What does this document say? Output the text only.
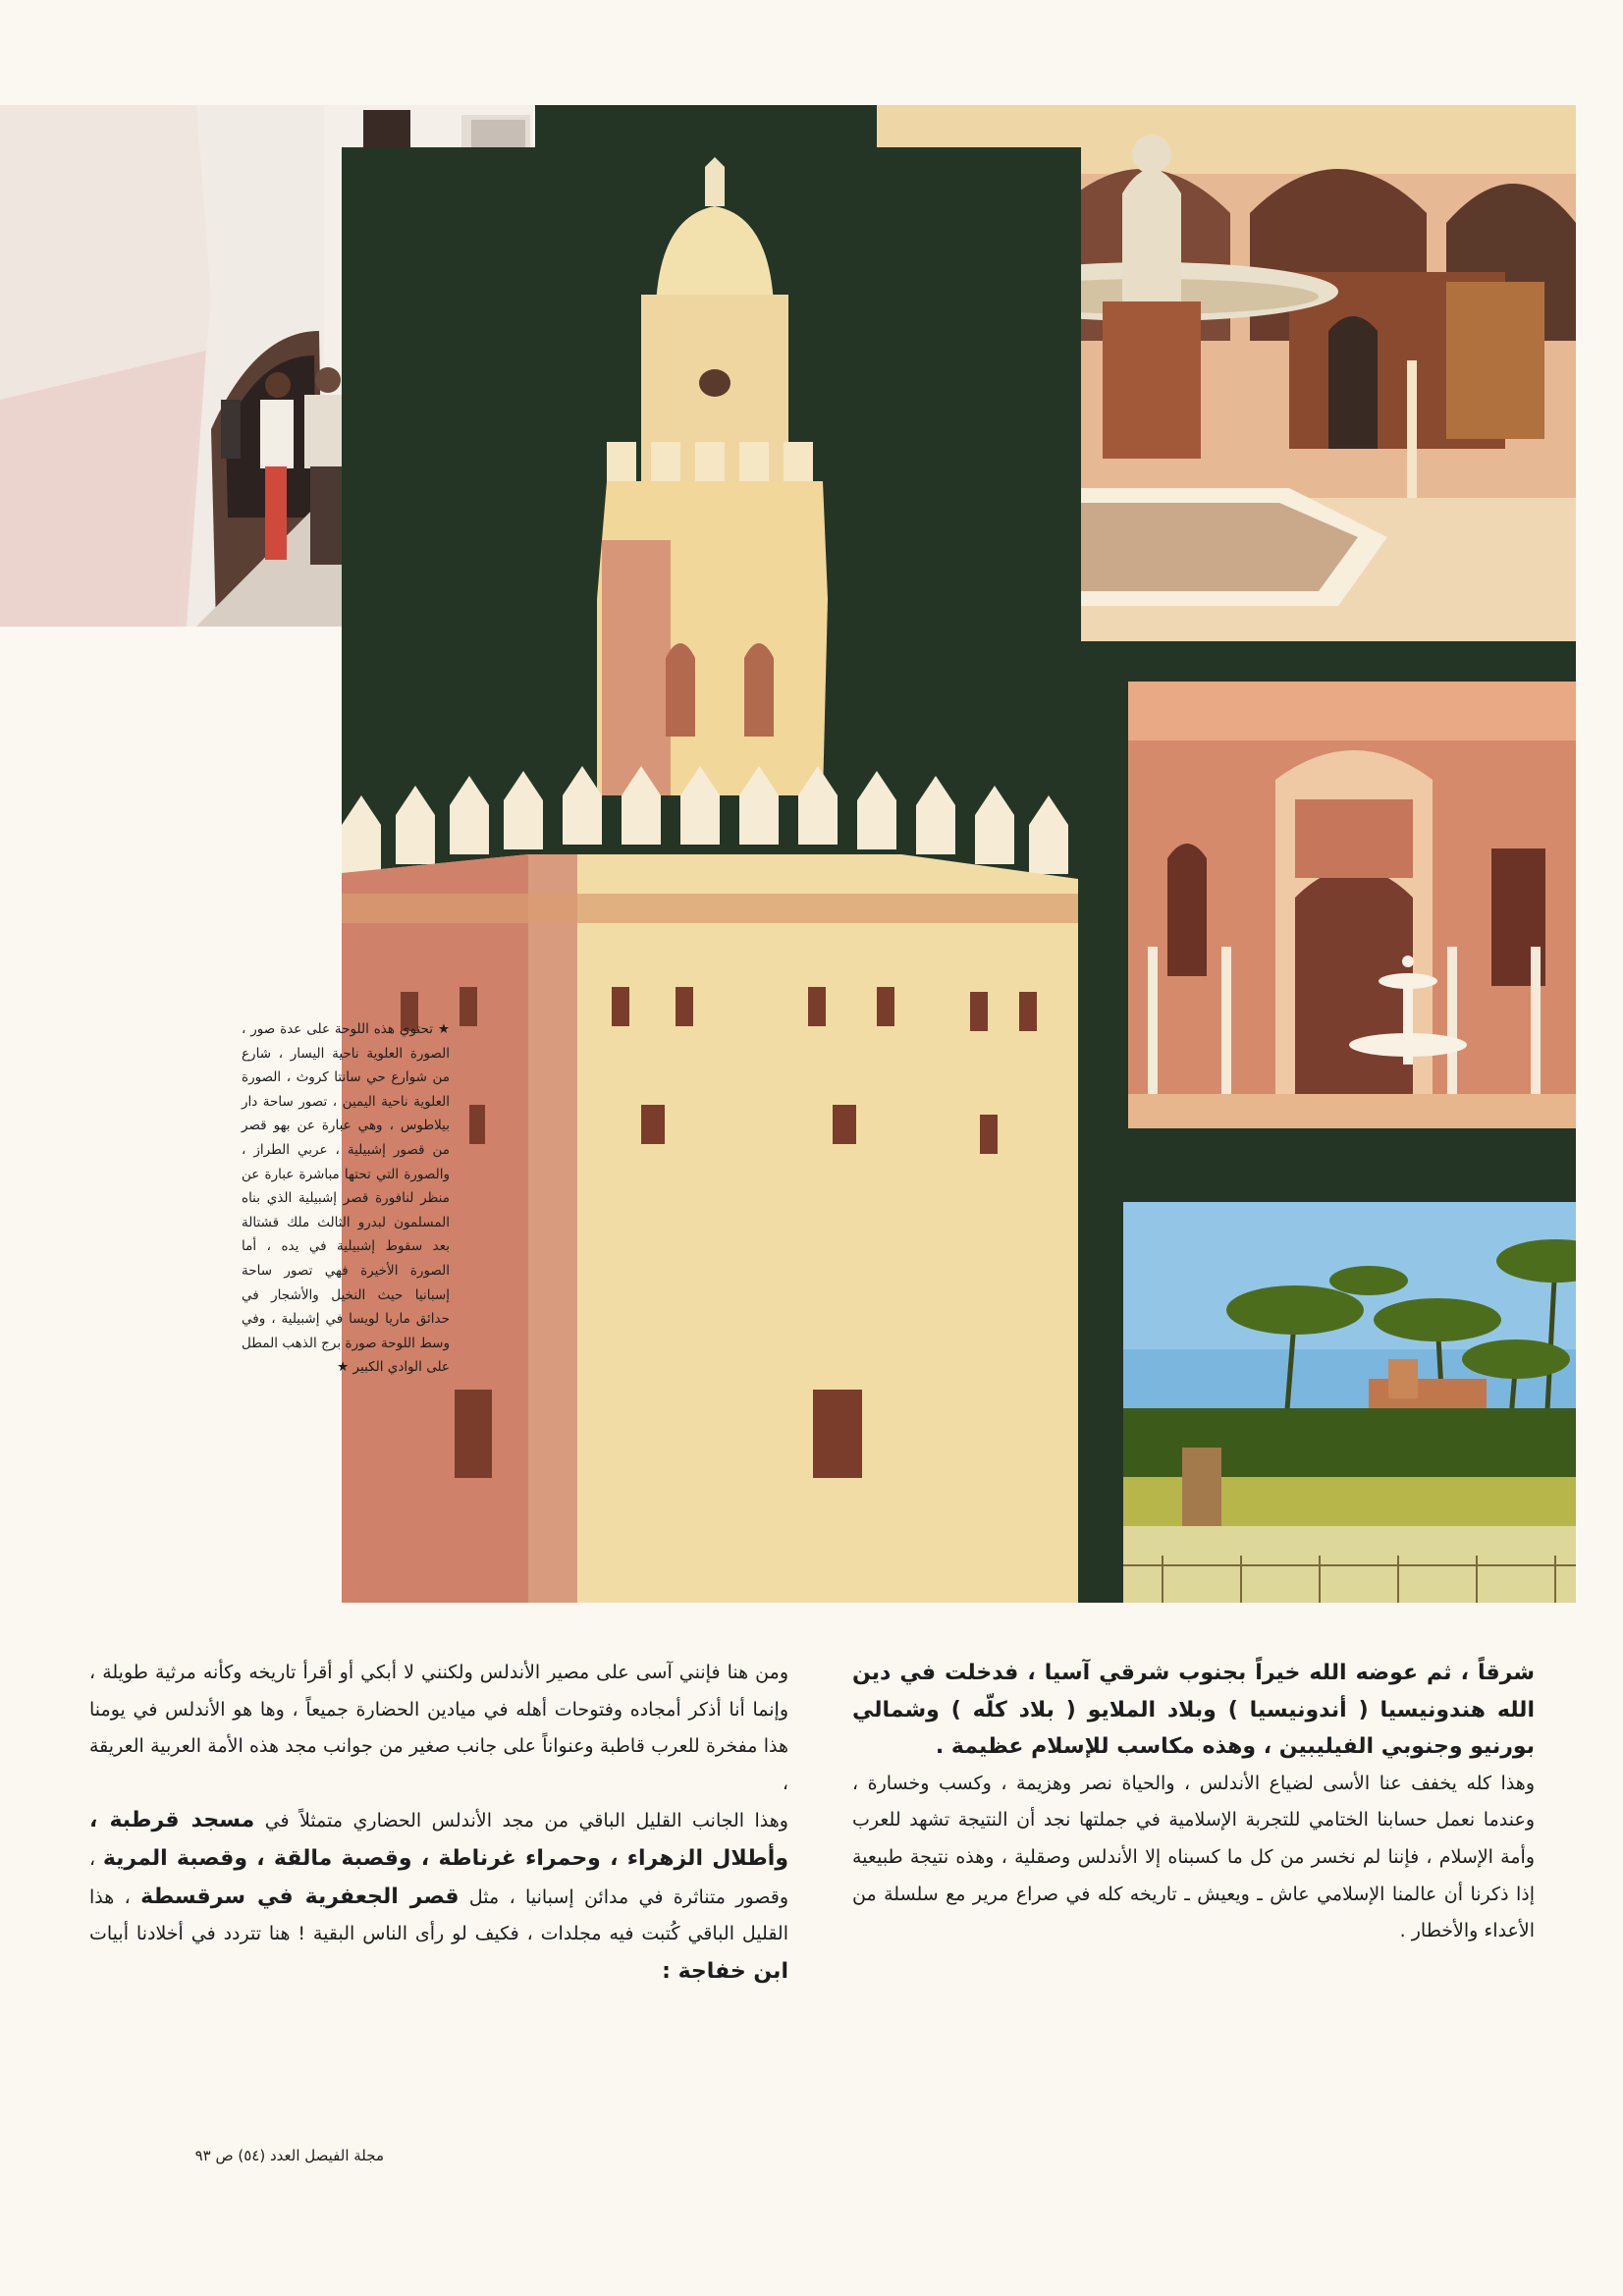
★ تحتوي هذه اللوحة على عدة صور ، الصورة العلوية ناحية اليسار ، شارع من شوارع حي سانتا كروث ، الصورة العلوية ناحية اليمين ، تصور ساحة دار بيلاطوس ، وهي عبارة عن بهو قصر من قصور إشبيلية ، عربي الطراز ، والصورة التي تحتها مباشرة عبارة عن منظر لنافورة قصر إشبيلية الذي بناه المسلمون لبدرو الثالث ملك قشتالة بعد سقوط إشبيلية في يده ، أما الصورة الأخيرة فهي تصور ساحة إسبانيا حيث النخيل والأشجار في حدائق ماريا لويسا في إشبيلية ، وفي وسط اللوحة صورة برج الذهب المطل على الوادي الكبير ★

شرقاً ، ثم عوضه الله خيراً بجنوب شرقي آسيا ، فدخلت في دين الله هندونيسيا ( أندونيسيا ) وبلاد الملايو ( بلاد كلّه ) وشمالي بورنيو وجنوبي الفيليبين ، وهذه مكاسب للإسلام عظيمة .

وهذا كله يخفف عنا الأسى لضياع الأندلس ، والحياة نصر وهزيمة ، وكسب وخسارة ، وعندما نعمل حسابنا الختامي للتجربة الإسلامية في جملتها نجد أن النتيجة تشهد للعرب وأمة الإسلام ، فإننا لم نخسر من كل ما كسبناه إلا الأندلس وصقلية ، وهذه نتيجة طبيعية إذا ذكرنا أن عالمنا الإسلامي عاش ـ ويعيش ـ تاريخه كله في صراع مرير مع سلسلة من الأعداء والأخطار .

ومن هنا فإنني آسى على مصير الأندلس ولكنني لا أبكي أو أقرأ تاريخه وكأنه مرثية طويلة ، وإنما أنا أذكر أمجاده وفتوحات أهله في ميادين الحضارة جميعاً ، وها هو الأندلس في يومنا هذا مفخرة للعرب قاطبة وعنواناً على جانب صغير من جوانب مجد هذه الأمة العربية العريقة ،

وهذا الجانب القليل الباقي من مجد الأندلس الحضاري متمثلاً في مسجد قرطبة ، وأطلال الزهراء ، وحمراء غرناطة ، وقصبة مالقة ، وقصبة المرية ، وقصور متناثرة في مدائن إسبانيا ، مثل قصر الجعفرية في سرقسطة ، هذا القليل الباقي كُتبت فيه مجلدات ، فكيف لو رأى الناس البقية ! هنا تتردد في أخلادنا أبيات ابن خفاجة :

مجلة الفيصل العدد (٥٤) ص ٩٣
